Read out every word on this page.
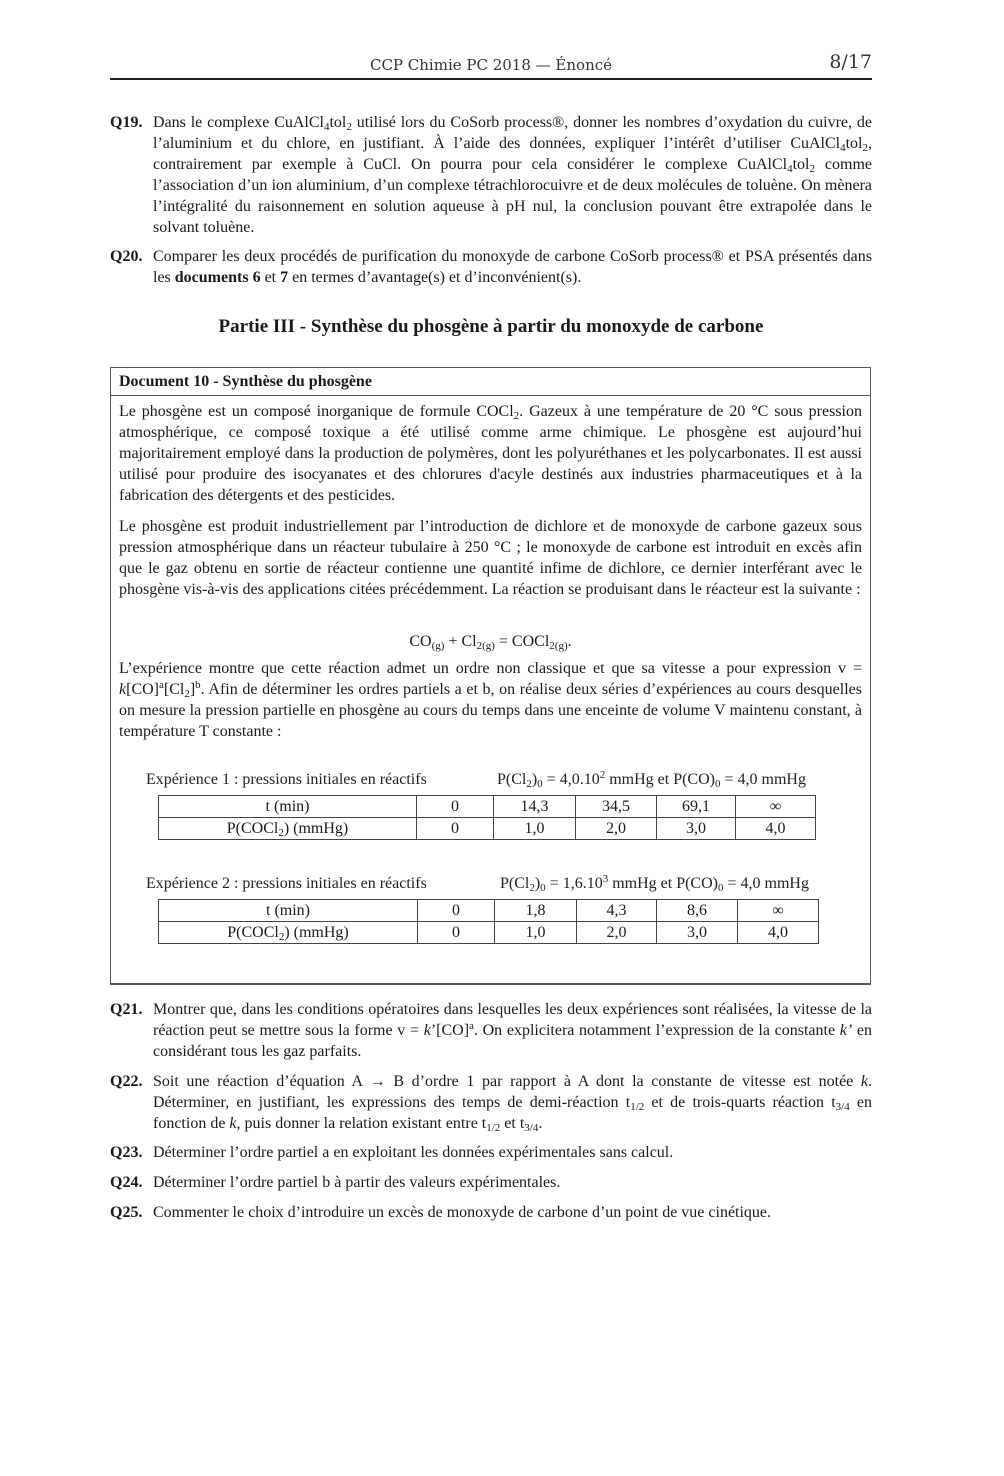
CCP Chimie PC 2018 — Énoncé	8/17
Q19. Dans le complexe CuAlCl$_4$tol$_2$ utilisé lors du CoSorb process®, donner les nombres d’oxydation du cuivre, de l’aluminium et du chlore, en justifiant. À l’aide des données, expliquer l’intérêt d’utiliser CuAlCl$_4$tol$_2$, contrairement par exemple à CuCl. On pourra pour cela considérer le complexe CuAlCl$_4$tol$_2$ comme l’association d’un ion aluminium, d’un complexe tétrachlorocuivre et de deux molécules de toluène. On mènera l’intégralité du raisonnement en solution aqueuse à pH nul, la conclusion pouvant être extrapolée dans le solvant toluène.
Q20. Comparer les deux procédés de purification du monoxyde de carbone CoSorb process® et PSA présentés dans les documents 6 et 7 en termes d’avantage(s) et d’inconvénient(s).
Partie III - Synthèse du phosgène à partir du monoxyde de carbone
Document 10 - Synthèse du phosgène
Le phosgène est un composé inorganique de formule COCl$_2$. Gazeux à une température de 20 °C sous pression atmosphérique, ce composé toxique a été utilisé comme arme chimique. Le phosgène est aujourd’hui majoritairement employé dans la production de polymères, dont les polyuréthanes et les polycarbonates. Il est aussi utilisé pour produire des isocyanates et des chlorures d'acyle destinés aux industries pharmaceutiques et à la fabrication des détergents et des pesticides.
Le phosgène est produit industriellement par l’introduction de dichlore et de monoxyde de carbone gazeux sous pression atmosphérique dans un réacteur tubulaire à 250 °C ; le monoxyde de carbone est introduit en excès afin que le gaz obtenu en sortie de réacteur contienne une quantité infime de dichlore, ce dernier interférant avec le phosgène vis-à-vis des applications citées précédemment. La réaction se produisant dans le réacteur est la suivante :
$CO_{(g)} + Cl_{2(g)}$ = COCl$_{2(g)}$.
L’expérience montre que cette réaction admet un ordre non classique et que sa vitesse a pour expression $v = k[CO]^a[Cl_2]^b$. Afin de déterminer les ordres partiels a et b, on réalise deux séries d’expériences au cours desquelles on mesure la pression partielle en phosgène au cours du temps dans une enceinte de volume V maintenu constant, à température T constante :
Expérience 1 : pressions initiales en réactifs	$P(Cl_2)_0 = 4,0.10^2$ mmHg et $P(CO)_0 = 4,0$ mmHg
t (min)	0	14,3	34,5	69,1	∞
P(COCl$_2$) (mmHg)	0	1,0	2,0	3,0	4,0
Expérience 2 : pressions initiales en réactifs	$P(Cl_2)_0 = 1,6.10^3$ mmHg et $P(CO)_0 = 4,0$ mmHg
t (min)	0	1,8	4,3	8,6	∞
P(COCl$_2$) (mmHg)	0	1,0	2,0	3,0	4,0
Q21. Montrer que, dans les conditions opératoires dans lesquelles les deux expériences sont réalisées, la vitesse de la réaction peut se mettre sous la forme v = k’[CO]$^a$. On explicitera notamment l’expression de la constante k’ en considérant tous les gaz parfaits.
Q22. Soit une réaction d’équation A → B d’ordre 1 par rapport à A dont la constante de vitesse est notée k. Déterminer, en justifiant, les expressions des temps de demi-réaction $t_{1/2}$ et de trois-quarts réaction $t_{3/4}$ en fonction de k, puis donner la relation existant entre $t_{1/2}$ et $t_{3/4}$.
Q23. Déterminer l’ordre partiel a en exploitant les données expérimentales sans calcul.
Q24. Déterminer l’ordre partiel b à partir des valeurs expérimentales.
Q25. Commenter le choix d’introduire un excès de monoxyde de carbone d’un point de vue cinétique.
